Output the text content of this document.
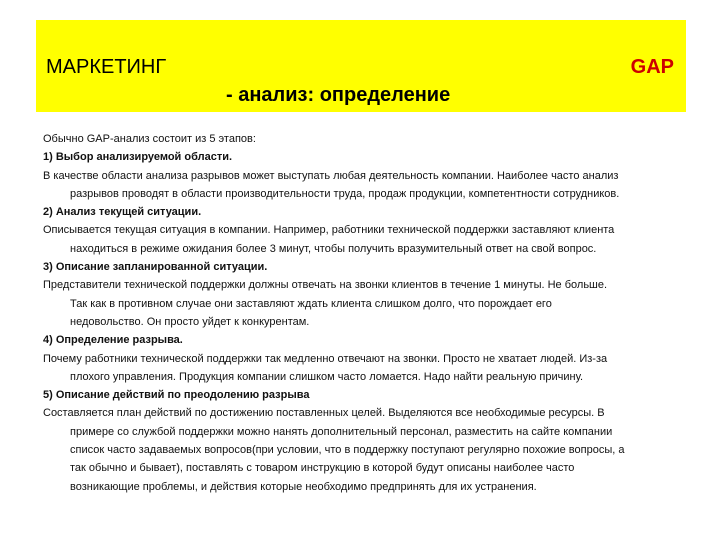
МАРКЕТИНГ	GAP
- анализ: определение
Обычно GAP-анализ состоит из 5 этапов:
1) Выбор анализируемой области.
В качестве области анализа разрывов может выступать любая деятельность компании. Наиболее часто анализ
разрывов проводят в области производительности труда, продаж продукции, компетентности сотрудников.
2) Анализ текущей ситуации.
Описывается текущая ситуация в компании. Например, работники технической поддержки заставляют клиента
находиться в режиме ожидания более 3 минут, чтобы получить вразумительный ответ на свой вопрос.
3) Описание запланированной ситуации.
Представители технической поддержки должны отвечать на звонки клиентов в течение 1 минуты. Не больше.
Так как в противном случае они заставляют ждать клиента слишком долго, что порождает его
недовольство. Он просто уйдет к конкурентам.
4) Определение разрыва.
Почему работники технической поддержки так медленно отвечают на звонки. Просто не хватает людей. Из-за
плохого управления. Продукция компании слишком часто ломается. Надо найти реальную причину.
5) Описание действий по преодолению разрыва
Составляется план действий по достижению поставленных целей. Выделяются все необходимые ресурсы. В
примере со службой поддержки можно нанять дополнительный персонал, разместить на сайте компании
список часто задаваемых вопросов(при условии, что в поддержку поступают регулярно похожие вопросы, а
так обычно и бывает), поставлять с товаром инструкцию в которой будут описаны наиболее часто
возникающие проблемы, и действия которые необходимо предпринять для их устранения.
